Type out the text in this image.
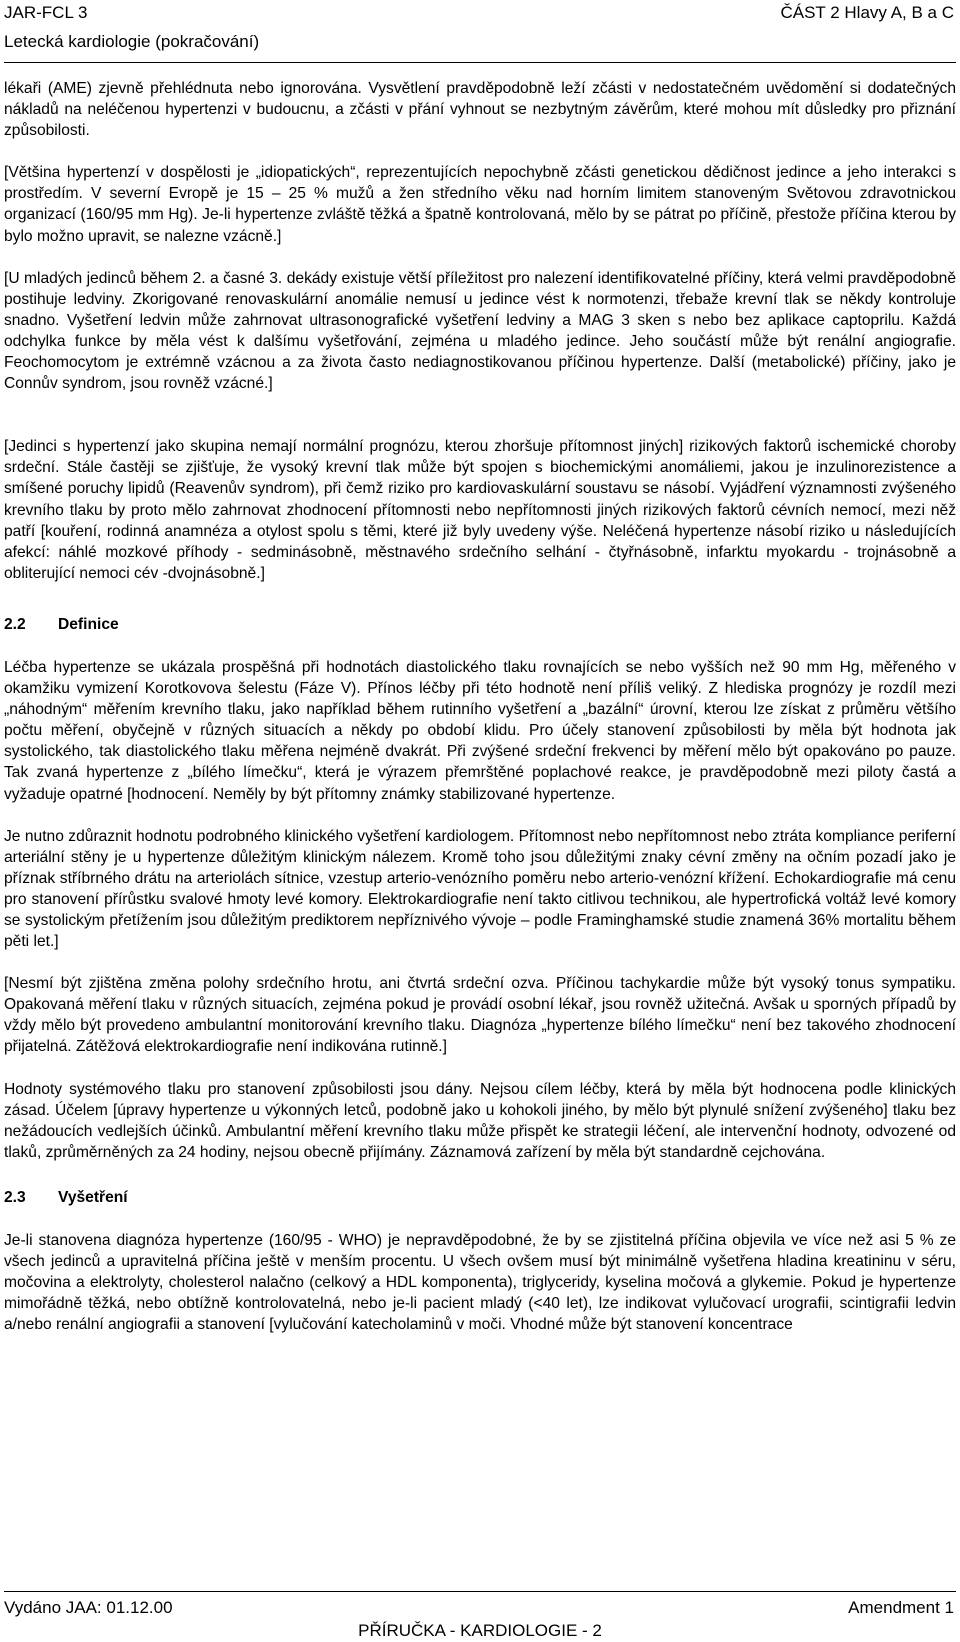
JAR-FCL 3	ČÁST 2 Hlavy A, B a C
Letecká kardiologie (pokračování)

lékaři (AME) zjevně přehlédnuta nebo ignorována. Vysvětlení pravděpodobně leží zčásti v nedostatečném uvědomění si dodatečných nákladů na neléčenou hypertenzi v budoucnu, a zčásti v přání vyhnout se nezbytným závěrům, které mohou mít důsledky pro přiznání způsobilosti.

[Většina hypertenzí v dospělosti je „idiopatických“, reprezentujících nepochybně zčásti genetickou dědičnost jedince a jeho interakci s prostředím. V severní Evropě je 15 – 25 % mužů a žen středního věku nad horním limitem stanoveným Světovou zdravotnickou organizací (160/95 mm Hg). Je-li hypertenze zvláště těžká a špatně kontrolovaná, mělo by se pátrat po příčině, přestože příčina kterou by bylo možno upravit, se nalezne vzácně.]

[U mladých jedinců během 2. a časné 3. dekády existuje větší příležitost pro nalezení identifikovatelné příčiny, která velmi pravděpodobně postihuje ledviny. Zkorigované renovaskulární anomálie nemusí u jedince vést k normotenzi, třebaže krevní tlak se někdy kontroluje snadno. Vyšetření ledvin může zahrnovat ultrasonografické vyšetření ledviny a MAG 3 sken s nebo bez aplikace captoprilu. Každá odchylka funkce by měla vést k dalšímu vyšetřování, zejména u mladého jedince. Jeho součástí může být renální angiografie. Feochomocytom je extrémně vzácnou a za života často nediagnostikovanou příčinou hypertenze. Další (metabolické) příčiny, jako je Connův syndrom, jsou rovněž vzácné.]

[Jedinci s hypertenzí jako skupina nemají normální prognózu, kterou zhoršuje přítomnost jiných] rizikových faktorů ischemické choroby srdeční. Stále častěji se zjišťuje, že vysoký krevní tlak může být spojen s biochemickými anomáliemi, jakou je inzulinorezistence a smíšené poruchy lipidů (Reavenův syndrom), při čemž riziko pro kardiovaskulární soustavu se násobí. Vyjádření významnosti zvýšeného krevního tlaku by proto mělo zahrnovat zhodnocení přítomnosti nebo nepřítomnosti jiných rizikových faktorů cévních nemocí, mezi něž patří [kouření, rodinná anamnéza a otylost spolu s těmi, které již byly uvedeny výše. Neléčená hypertenze násobí riziko u následujících afekcí: náhlé mozkové příhody - sedminásobně, městnavého srdečního selhání - čtyřnásobně, infarktu myokardu - trojnásobně a obliterující nemoci cév -dvojnásobně.]

2.2 Definice

Léčba hypertenze se ukázala prospěšná při hodnotách diastolického tlaku rovnajících se nebo vyšších než 90 mm Hg, měřeného v okamžiku vymizení Korotkovova šelestu (Fáze V). Přínos léčby při této hodnotě není příliš veliký. Z hlediska prognózy je rozdíl mezi „náhodným“ měřením krevního tlaku, jako například během rutinního vyšetření a „bazální“ úrovní, kterou lze získat z průměru většího počtu měření, obyčejně v různých situacích a někdy po období klidu. Pro účely stanovení způsobilosti by měla být hodnota jak systolického, tak diastolického tlaku měřena nejméně dvakrát. Při zvýšené srdeční frekvenci by měření mělo být opakováno po pauze. Tak zvaná hypertenze z „bílého límečku“, která je výrazem přemrštěné poplachové reakce, je pravděpodobně mezi piloty častá a vyžaduje opatrné [hodnocení. Neměly by být přítomny známky stabilizované hypertenze.

Je nutno zdůraznit hodnotu podrobného klinického vyšetření kardiologem. Přítomnost nebo nepřítomnost nebo ztráta kompliance periferní arteriální stěny je u hypertenze důležitým klinickým nálezem. Kromě toho jsou důležitými znaky cévní změny na očním pozadí jako je příznak stříbrného drátu na arteriolách sítnice, vzestup arterio-venózního poměru nebo arterio-venózní křížení. Echokardiografie má cenu pro stanovení přírůstku svalové hmoty levé komory. Elektrokardiografie není takto citlivou technikou, ale hypertrofická voltáž levé komory se systolickým přetížením jsou důležitým prediktorem nepříznivého vývoje – podle Framinghamské studie znamená 36% mortalitu během pěti let.]

[Nesmí být zjištěna změna polohy srdečního hrotu, ani čtvrtá srdeční ozva. Příčinou tachykardie může být vysoký tonus sympatiku. Opakovaná měření tlaku v různých situacích, zejména pokud je provádí osobní lékař, jsou rovněž užitečná. Avšak u sporných případů by vždy mělo být provedeno ambulantní monitorování krevního tlaku. Diagnóza „hypertenze bílého límečku“ není bez takového zhodnocení přijatelná. Zátěžová elektrokardiografie není indikována rutinně.]

Hodnoty systémového tlaku pro stanovení způsobilosti jsou dány. Nejsou cílem léčby, která by měla být hodnocena podle klinických zásad. Účelem [úpravy hypertenze u výkonných letců, podobně jako u kohokoli jiného, by mělo být plynulé snížení zvýšeného] tlaku bez nežádoucích vedlejších účinků. Ambulantní měření krevního tlaku může přispět ke strategii léčení, ale intervenční hodnoty, odvozené od tlaků, zprůměrněných za 24 hodiny, nejsou obecně přijímány. Záznamová zařízení by měla být standardně cejchována.

2.3 Vyšetření

Je-li stanovena diagnóza hypertenze (160/95 - WHO) je nepravděpodobné, že by se zjistitelná příčina objevila ve více než asi 5 % ze všech jedinců a upravitelná příčina ještě v menším procentu. U všech ovšem musí být minimálně vyšetřena hladina kreatininu v séru, močovina a elektrolyty, cholesterol nalačno (celkový a HDL komponenta), triglyceridy, kyselina močová a glykemie. Pokud je hypertenze mimořádně těžká, nebo obtížně kontrolovatelná, nebo je-li pacient mladý (<40 let), lze indikovat vylučovací urografii, scintigrafii ledvin a/nebo renální angiografii a stanovení [vylučování katecholaminů v moči. Vhodné může být stanovení koncentrace

Vydáno JAA: 01.12.00	Amendment 1
PŘÍRUČKA - KARDIOLOGIE - 2
